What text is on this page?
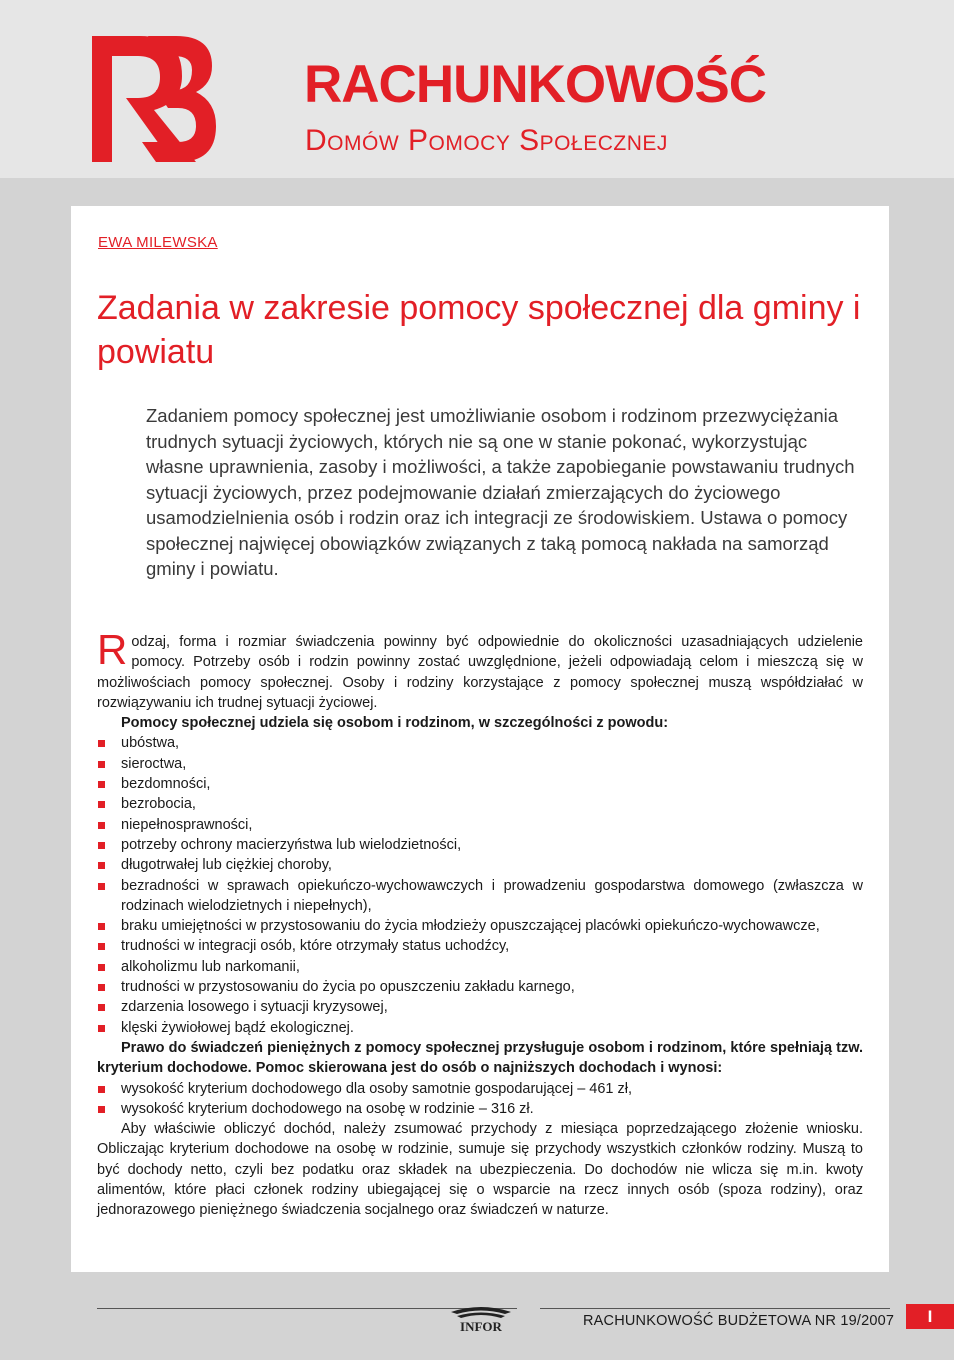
RACHUNKOWOŚĆ
Domów Pomocy Społecznej
EWA MILEWSKA
Zadania w zakresie pomocy społecznej dla gminy i powiatu
Zadaniem pomocy społecznej jest umożliwianie osobom i rodzinom przezwyciężania trudnych sytuacji życiowych, których nie są one w stanie pokonać, wykorzystując własne uprawnienia, zasoby i możliwości, a także zapobieganie powstawaniu trudnych sytuacji życiowych, przez podejmowanie działań zmierzających do życiowego usamodzielnienia osób i rodzin oraz ich integracji ze środowiskiem. Ustawa o pomocy społecznej najwięcej obowiązków związanych z taką pomocą nakłada na samorząd gminy i powiatu.

Rodzaj, forma i rozmiar świadczenia powinny być odpowiednie do okoliczności uzasadniających udzielenie pomocy. Potrzeby osób i rodzin powinny zostać uwzględnione, jeżeli odpowiadają celom i mieszczą się w możliwościach pomocy społecznej. Osoby i rodziny korzystające z pomocy społecznej muszą współdziałać w rozwiązywaniu ich trudnej sytuacji życiowej.

Pomocy społecznej udziela się osobom i rodzinom, w szczególności z powodu:

ubóstwa,
sieroctwa,
bezdomności,
bezrobocia,
niepełnosprawności,
potrzeby ochrony macierzyństwa lub wielodzietności,
długotrwałej lub ciężkiej choroby,
bezradności w sprawach opiekuńczo-wychowawczych i prowadzeniu gospodarstwa domowego (zwłaszcza w rodzinach wielodzietnych i niepełnych),
braku umiejętności w przystosowaniu do życia młodzieży opuszczającej placówki opiekuńczo-wychowawcze,
trudności w integracji osób, które otrzymały status uchodźcy,
alkoholizmu lub narkomanii,
trudności w przystosowaniu do życia po opuszczeniu zakładu karnego,
zdarzenia losowego i sytuacji kryzysowej,
klęski żywiołowej bądź ekologicznej.

Prawo do świadczeń pieniężnych z pomocy społecznej przysługuje osobom i rodzinom, które spełniają tzw. kryterium dochodowe. Pomoc skierowana jest do osób o najniższych dochodach i wynosi:

wysokość kryterium dochodowego dla osoby samotnie gospodarującej – 461 zł,
wysokość kryterium dochodowego na osobę w rodzinie – 316 zł.

Aby właściwie obliczyć dochód, należy zsumować przychody z miesiąca poprzedzającego złożenie wniosku. Obliczając kryterium dochodowe na osobę w rodzinie, sumuje się przychody wszystkich członków rodziny. Muszą to być dochody netto, czyli bez podatku oraz składek na ubezpieczenia. Do dochodów nie wlicza się m.in. kwoty alimentów, które płaci członek rodziny ubiegającej się o wsparcie na rzecz innych osób (spoza rodziny), oraz jednorazowego pieniężnego świadczenia socjalnego oraz świadczeń w naturze.

INFOR	RACHUNKOWOŚĆ BUDŻETOWA NR 19/2007	I
